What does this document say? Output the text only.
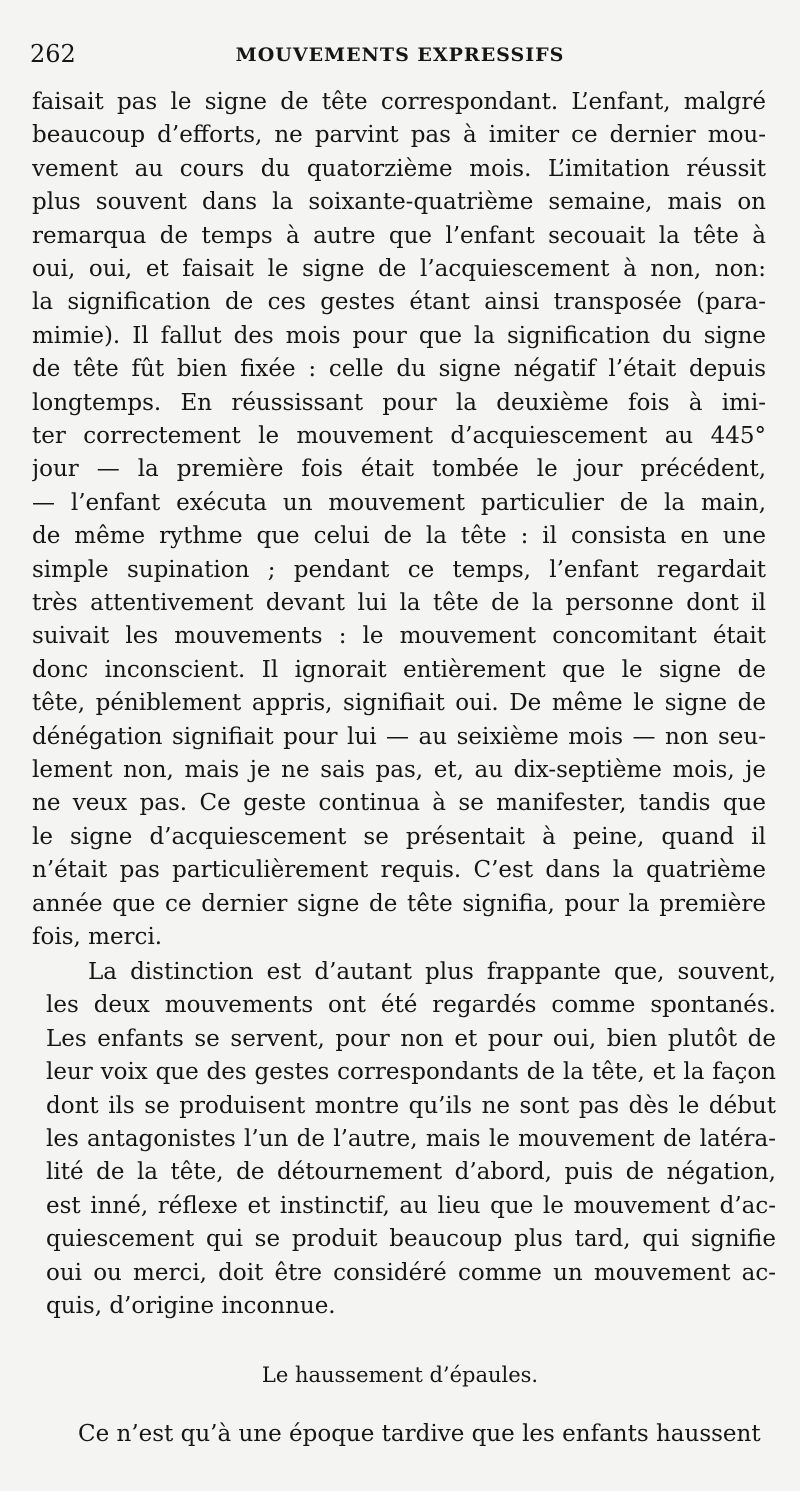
262	MOUVEMENTS EXPRESSIFS
faisait pas le signe de tête correspondant. L’enfant, malgré
beaucoup d’efforts, ne parvint pas à imiter ce dernier mou-
vement au cours du quatorzième mois. L’imitation réussit
plus souvent dans la soixante-quatrième semaine, mais on
remarqua de temps à autre que l’enfant secouait la tête à
oui, oui, et faisait le signe de l’acquiescement à non, non:
la signification de ces gestes étant ainsi transposée (para-
mimie). Il fallut des mois pour que la signification du signe
de tête fût bien fixée : celle du signe négatif l’était depuis
longtemps. En réussissant pour la deuxième fois à imi-
ter correctement le mouvement d’acquiescement au 445°
jour — la première fois était tombée le jour précédent,
— l’enfant exécuta un mouvement particulier de la main,
de même rythme que celui de la tête : il consista en une
simple supination ; pendant ce temps, l’enfant regardait
très attentivement devant lui la tête de la personne dont il
suivait les mouvements : le mouvement concomitant était
donc inconscient. Il ignorait entièrement que le signe de
tête, péniblement appris, signifiait oui. De même le signe de
dénégation signifiait pour lui — au seixième mois — non seu-
lement non, mais je ne sais pas, et, au dix-septième mois, je
ne veux pas. Ce geste continua à se manifester, tandis que
le signe d’acquiescement se présentait à peine, quand il
n’était pas particulièrement requis. C’est dans la quatrième
année que ce dernier signe de tête signifia, pour la première
fois, merci.
La distinction est d’autant plus frappante que, souvent,
les deux mouvements ont été regardés comme spontanés.
Les enfants se servent, pour non et pour oui, bien plutôt de
leur voix que des gestes correspondants de la tête, et la façon
dont ils se produisent montre qu’ils ne sont pas dès le début
les antagonistes l’un de l’autre, mais le mouvement de latéra-
lité de la tête, de détournement d’abord, puis de négation,
est inné, réflexe et instinctif, au lieu que le mouvement d’ac-
quiescement qui se produit beaucoup plus tard, qui signifie
oui ou merci, doit être considéré comme un mouvement ac-
quis, d’origine inconnue.
Le haussement d’épaules.
Ce n’est qu’à une époque tardive que les enfants haussent
